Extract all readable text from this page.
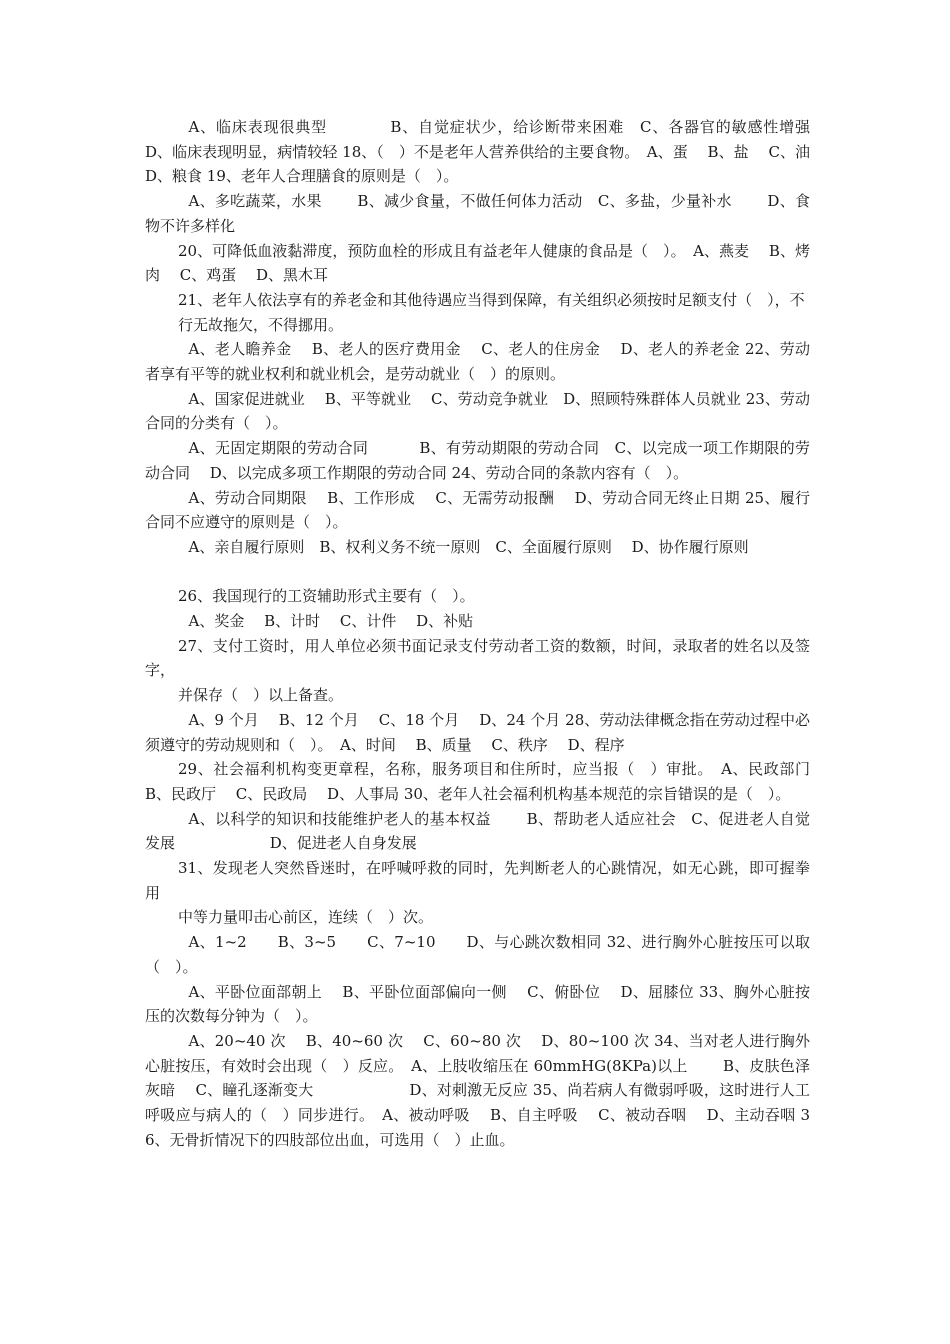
A、临床表现很典型　　　　B、自觉症状少，给诊断带来困难　C、各器官的敏感性增强　　　D、临床表现明显，病情较轻 18、（　）不是老年人营养供给的主要食物。　A、蛋　 B、盐　 C、油　 D、粮食 19、老年人合理膳食的原则是（　）。

A、多吃蔬菜，水果　　 B、减少食量，不做任何体力活动　C、多盐，少量补水　　 D、食物不许多样化

20、可降低血液黏滞度，预防血栓的形成且有益老年人健康的食品是（　）。　A、燕麦　 B、烤肉　 C、鸡蛋　 D、黑木耳

21、老年人依法享有的养老金和其他待遇应当得到保障，有关组织必须按时足额支付（　），不

行无故拖欠，不得挪用。

A、老人瞻养金　 B、老人的医疗费用金　 C、老人的住房金　 D、老人的养老金 22、劳动者享有平等的就业权利和就业机会，是劳动就业（　）的原则。

A、国家促进就业　 B、平等就业　 C、劳动竞争就业　D、照顾特殊群体人员就业 23、劳动合同的分类有（　）。

A、无固定期限的劳动合同　　　 B、有劳动期限的劳动合同　C、以完成一项工作期限的劳动合同　 D、以完成多项工作期限的劳动合同 24、劳动合同的条款内容有（　）。

A、劳动合同期限　 B、工作形成　 C、无需劳动报酬　 D、劳动合同无终止日期 25、履行合同不应遵守的原则是（　）。

A、亲自履行原则　B、权利义务不统一原则　C、全面履行原则　 D、协作履行原则

26、我国现行的工资辅助形式主要有（　）。

A、奖金　 B、计时　 C、计件　 D、补贴

27、支付工资时，用人单位必须书面记录支付劳动者工资的数额，时间，录取者的姓名以及签字，

并保存（　）以上备查。

A、9 个月　 B、12 个月　 C、18 个月　 D、24 个月 28、劳动法律概念指在劳动过程中必须遵守的劳动规则和（　）。　A、时间　 B、质量　 C、秩序　 D、程序

29、社会福利机构变更章程，名称，服务项目和住所时，应当报（　）审批。　A、民政部门　 B、民政厅　 C、民政局　 D、人事局 30、老年人社会福利机构基本规范的宗旨错误的是（　）。

A、以科学的知识和技能维护老人的基本权益　　 B、帮助老人适应社会　C、促进老人自觉发展　　　　　　 D、促进老人自身发展

31、发现老人突然昏迷时，在呼喊呼救的同时，先判断老人的心跳情况，如无心跳，即可握拳用

中等力量叩击心前区，连续（　）次。

A、1~2　　B、3~5　　C、7~10　　D、与心跳次数相同 32、进行胸外心脏按压可以取（　）。

A、平卧位面部朝上　 B、平卧位面部偏向一侧　 C、俯卧位　 D、屈膝位 33、胸外心脏按压的次数每分钟为（　）。

A、20~40 次　 B、40~60 次　 C、60~80 次　 D、80~100 次 34、当对老人进行胸外心脏按压，有效时会出现（　）反应。　A、上肢收缩压在 60mmHG(8KPa)以上　　 B、皮肤色泽灰暗　 C、瞳孔逐渐变大　　　　　　 D、对刺激无反应 35、尚若病人有微弱呼吸，这时进行人工呼吸应与病人的（　）同步进行。　A、被动呼吸　 B、自主呼吸　 C、被动吞咽　 D、主动吞咽 36、无骨折情况下的四肢部位出血，可选用（　）止血。
